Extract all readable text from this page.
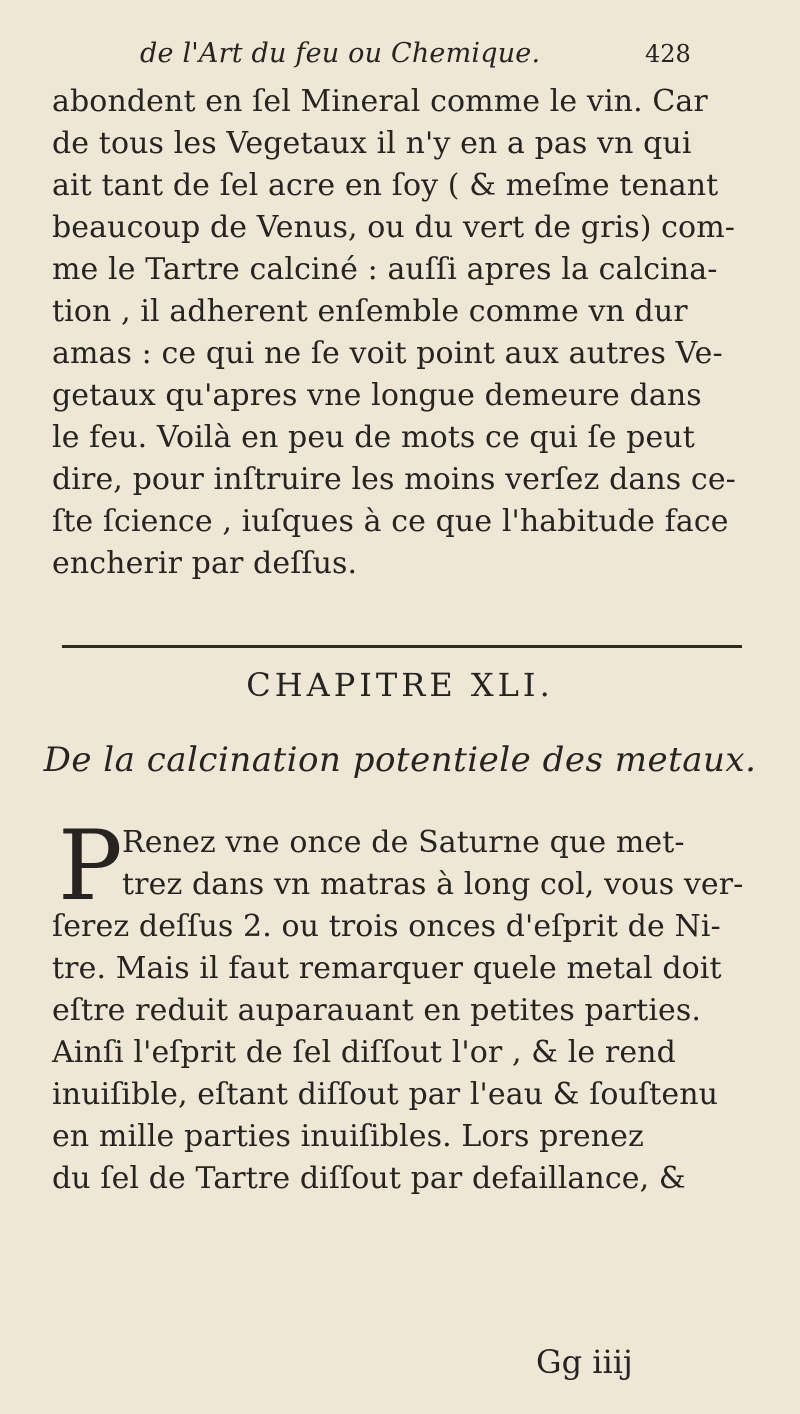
de l'Art du feu ou Chemique.	428
abondent en ſel Mineral comme le vin. Car
de tous les Vegetaux il n'y en a pas vn qui
ait tant de ſel acre en ſoy ( & meſme tenant
beaucoup de Venus, ou du vert de gris) com-
me le Tartre calciné : auſſi apres la calcina-
tion , il adherent enſemble comme vn dur
amas : ce qui ne ſe voit point aux autres Ve-
getaux qu'apres vne longue demeure dans
le feu. Voilà en peu de mots ce qui ſe peut
dire, pour inſtruire les moins verſez dans ce-
ſte ſcience , iuſques à ce que l'habitude face
encherir par deſſus.
CHAPITRE XLI.
De la calcination potentiele des metaux.
P Renez vne once de Saturne que met-
trez dans vn matras à long col, vous ver-
ſerez deſſus 2. ou trois onces d'eſprit de Ni-
tre. Mais il faut remarquer quele metal doit
eſtre reduit auparauant en petites parties.
Ainſi l'eſprit de ſel diſſout l'or , & le rend
inuiſible, eſtant diſſout par l'eau & ſouſtenu
en mille parties inuiſibles. Lors prenez
du ſel de Tartre diſſout par defaillance, &
Gg iiij
